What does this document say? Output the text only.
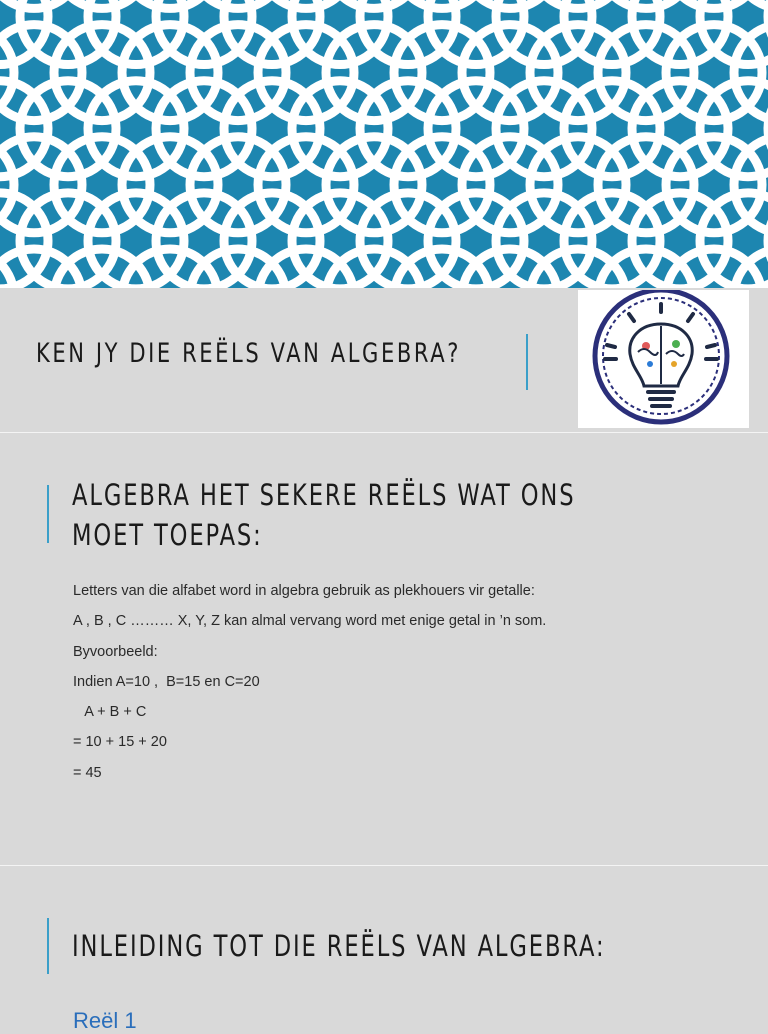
KEN JY DIE REËLS VAN ALGEBRA?
ALGEBRA HET SEKERE REËLS WAT ONS MOET TOEPAS:
Letters van die alfabet word in algebra gebruik as plekhouers vir getalle:
A , B , C ……… X, Y, Z kan almal vervang word met enige getal in ’n som.
Byvoorbeeld:
Indien A=10 ,  B=15 en C=20
A + B + C
= 10 + 15 + 20
= 45
INLEIDING TOT DIE REËLS VAN ALGEBRA:
Reël 1
